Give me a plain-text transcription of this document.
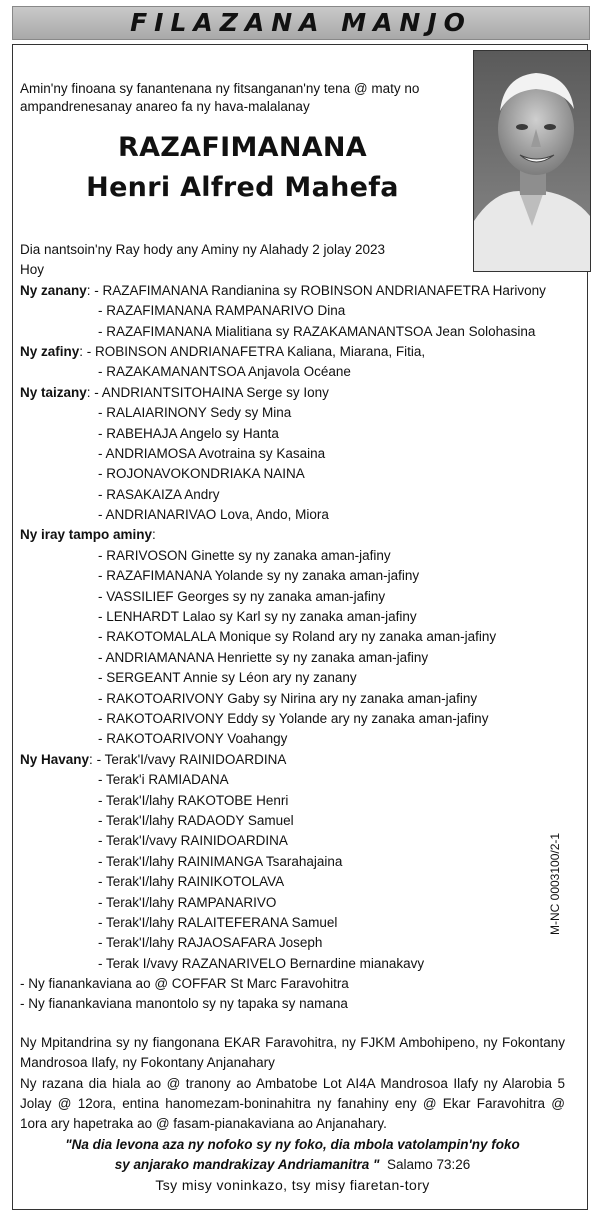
FILAZANA MANJO
Amin'ny finoana sy fanantenana ny fitsanganan'ny tena @ maty no ampandrenesanay anareo fa ny hava-malalanay
RAZAFIMANANA
Henri Alfred Mahefa
Dia nantsoin'ny Ray hody any Aminy ny Alahady 2 jolay 2023
Hoy
Ny zanany: - RAZAFIMANANA Randianina sy ROBINSON ANDRIANAFETRA Harivony
- RAZAFIMANANA RAMPANARIVO Dina
- RAZAFIMANANA Mialitiana sy RAZAKAMANANTSOA Jean Solohasina
Ny zafiny: - ROBINSON ANDRIANAFETRA Kaliana, Miarana, Fitia,
- RAZAKAMANANTSOA Anjavola Océane
Ny taizany: - ANDRIANTSITOHAINA Serge sy Iony
- RALAIARINONY Sedy sy Mina
- RABEHAJA Angelo sy Hanta
- ANDRIAMOSA Avotraina sy Kasaina
- ROJONAVOKONDRIAKA NAINA
- RASAKAIZA Andry
- ANDRIANARIVAO Lova, Ando, Miora
Ny iray tampo aminy:
- RARIVOSON Ginette sy ny zanaka aman-jafiny
- RAZAFIMANANA Yolande sy ny zanaka aman-jafiny
- VASSILIEF Georges sy ny zanaka aman-jafiny
- LENHARDT Lalao sy Karl sy ny zanaka aman-jafiny
- RAKOTOMALALA Monique sy Roland ary ny zanaka aman-jafiny
- ANDRIAMANANA Henriette sy ny zanaka aman-jafiny
- SERGEANT Annie sy Léon ary ny zanany
- RAKOTOARIVONY Gaby sy Nirina ary ny zanaka aman-jafiny
- RAKOTOARIVONY Eddy sy Yolande ary ny zanaka aman-jafiny
- RAKOTOARIVONY Voahangy
Ny Havany: - Terak'I/vavy RAINIDOARDINA
- Terak'i RAMIADANA
- Terak'I/lahy RAKOTOBE Henri
- Terak'I/lahy RADAODY Samuel
- Terak'I/vavy RAINIDOARDINA
- Terak'I/lahy RAINIMANGA Tsarahajaina
- Terak'I/lahy RAINIKOTOLAVA
- Terak'I/lahy RAMPANARIVO
- Terak'I/lahy RALAITEFERANA Samuel
- Terak'I/lahy RAJAOSAFARA Joseph
- Terak I/vavy RAZANARIVELO Bernardine mianakavy
- Ny fianankaviana ao @ COFFAR St Marc Faravohitra
- Ny fianankaviana manontolo sy ny tapaka sy namana
Ny Mpitandrina sy ny fiangonana EKAR Faravohitra, ny FJKM Ambohipeno, ny Fokontany Mandrosoa Ilafy, ny Fokontany Anjanahary
Ny razana dia hiala ao @ tranony ao Ambatobe Lot AI4A Mandrosoa Ilafy ny Alarobia 5 Jolay @ 12ora, entina hanomezam-boninahitra ny fanahiny eny @ Ekar Faravohitra @ 1ora ary hapetraka ao @ fasam-pianakaviana ao Anjanahary.
"Na dia levona aza ny nofoko sy ny foko, dia mbola vatolampin'ny foko
sy anjarako mandrakizay Andriamanitra " Salamo 73:26
Tsy misy voninkazo, tsy misy fiaretan-tory
M-NC 0003100/2-1
